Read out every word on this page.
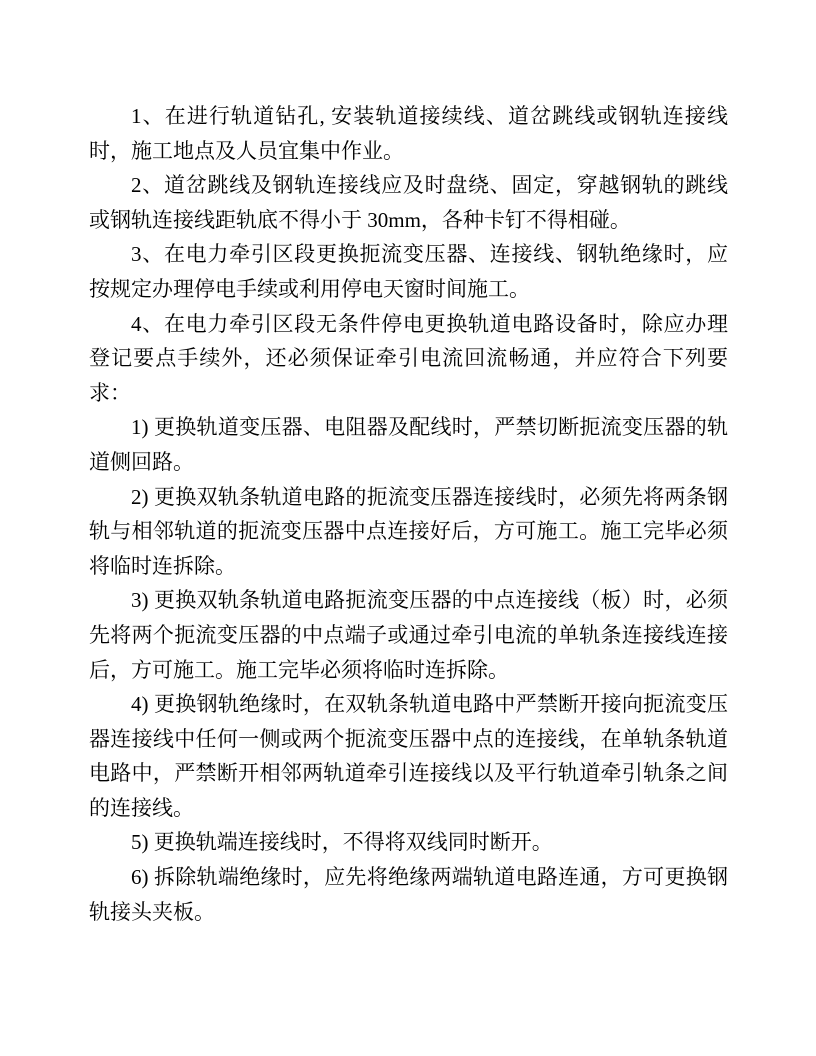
1、在进行轨道钻孔, 安装轨道接续线、道岔跳线或钢轨连接线时，施工地点及人员宜集中作业。

2、道岔跳线及钢轨连接线应及时盘绕、固定，穿越钢轨的跳线或钢轨连接线距轨底不得小于 30mm，各种卡钉不得相碰。

3、在电力牵引区段更换扼流变压器、连接线、钢轨绝缘时，应按规定办理停电手续或利用停电天窗时间施工。

4、在电力牵引区段无条件停电更换轨道电路设备时，除应办理登记要点手续外，还必须保证牵引电流回流畅通，并应符合下列要求：

1) 更换轨道变压器、电阻器及配线时，严禁切断扼流变压器的轨道侧回路。

2) 更换双轨条轨道电路的扼流变压器连接线时，必须先将两条钢轨与相邻轨道的扼流变压器中点连接好后，方可施工。施工完毕必须将临时连拆除。

3) 更换双轨条轨道电路扼流变压器的中点连接线（板）时，必须先将两个扼流变压器的中点端子或通过牵引电流的单轨条连接线连接后，方可施工。施工完毕必须将临时连拆除。

4) 更换钢轨绝缘时，在双轨条轨道电路中严禁断开接向扼流变压器连接线中任何一侧或两个扼流变压器中点的连接线，在单轨条轨道电路中，严禁断开相邻两轨道牵引连接线以及平行轨道牵引轨条之间的连接线。

5) 更换轨端连接线时，不得将双线同时断开。

6) 拆除轨端绝缘时，应先将绝缘两端轨道电路连通，方可更换钢轨接头夹板。
